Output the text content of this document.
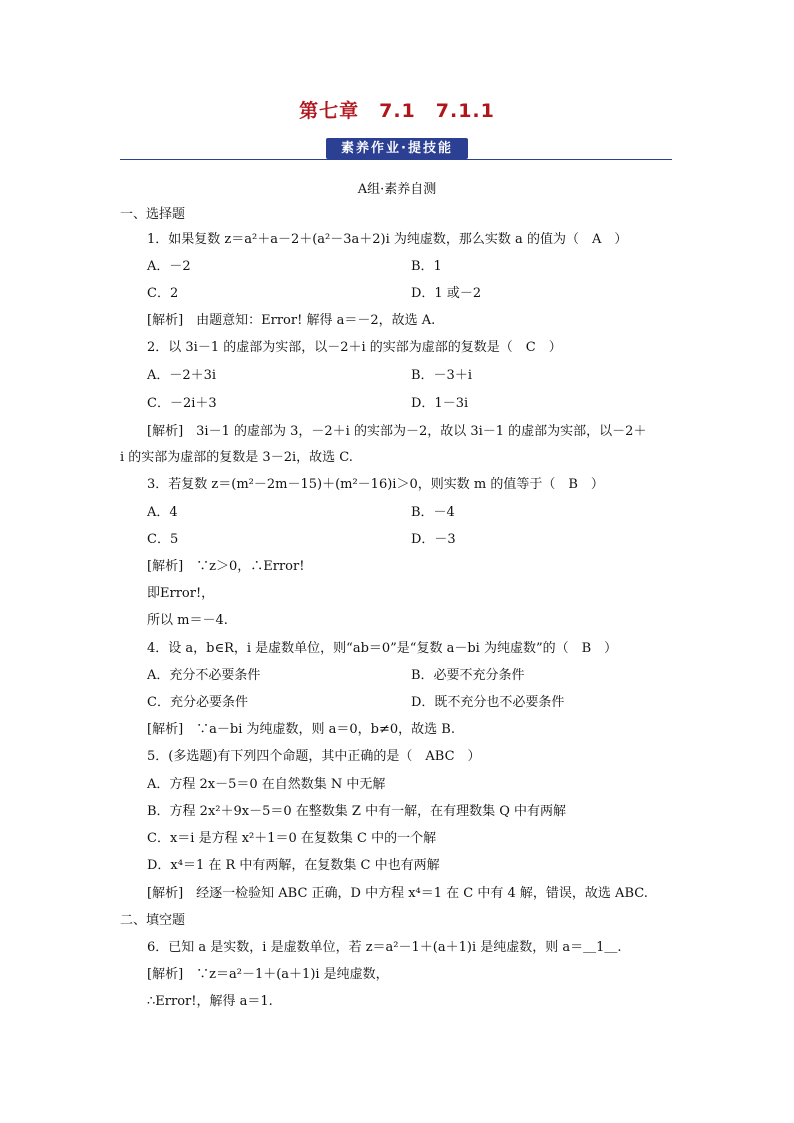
第七章　7.1　7.1.1
素养作业·提技能
A组·素养自测
一、选择题
1．如果复数 z＝a²＋a－2＋(a²－3a＋2)i 为纯虚数，那么实数 a 的值为（　A　）
A．－2	B．1
C．2	D．1 或－2
[解析]　由题意知：Error! 解得 a＝－2，故选 A.
2．以 3i－1 的虚部为实部，以－2＋i 的实部为虚部的复数是（　C　）
A．－2＋3i	B．－3＋i
C．－2i＋3	D．1－3i
[解析]　3i－1 的虚部为 3，－2＋i 的实部为－2，故以 3i－1 的虚部为实部，以－2＋
i 的实部为虚部的复数是 3－2i，故选 C.
3．若复数 z＝(m²－2m－15)＋(m²－16)i＞0，则实数 m 的值等于（　B　）
A．4	B．－4
C．5	D．－3
[解析]　∵z＞0，∴Error!
即Error!，
所以 m＝－4.
4．设 a，b∈R，i 是虚数单位，则“ab＝0”是“复数 a－bi 为纯虚数”的（　B　）
A．充分不必要条件	B．必要不充分条件
C．充分必要条件	D．既不充分也不必要条件
[解析]　∵a－bi 为纯虚数，则 a＝0，b≠0，故选 B.
5．(多选题)有下列四个命题，其中正确的是（　ABC　）
A．方程 2x－5＝0 在自然数集 N 中无解
B．方程 2x²＋9x－5＝0 在整数集 Z 中有一解，在有理数集 Q 中有两解
C．x＝i 是方程 x²＋1＝0 在复数集 C 中的一个解
D．x⁴＝1 在 R 中有两解，在复数集 C 中也有两解
[解析]　经逐一检验知 ABC 正确，D 中方程 x⁴＝1 在 C 中有 4 解，错误，故选 ABC.
二、填空题
6．已知 a 是实数，i 是虚数单位，若 z＝a²－1＋(a＋1)i 是纯虚数，则 a＝＿1＿.
[解析]　∵z＝a²－1＋(a＋1)i 是纯虚数，
∴Error!，解得 a＝1.
